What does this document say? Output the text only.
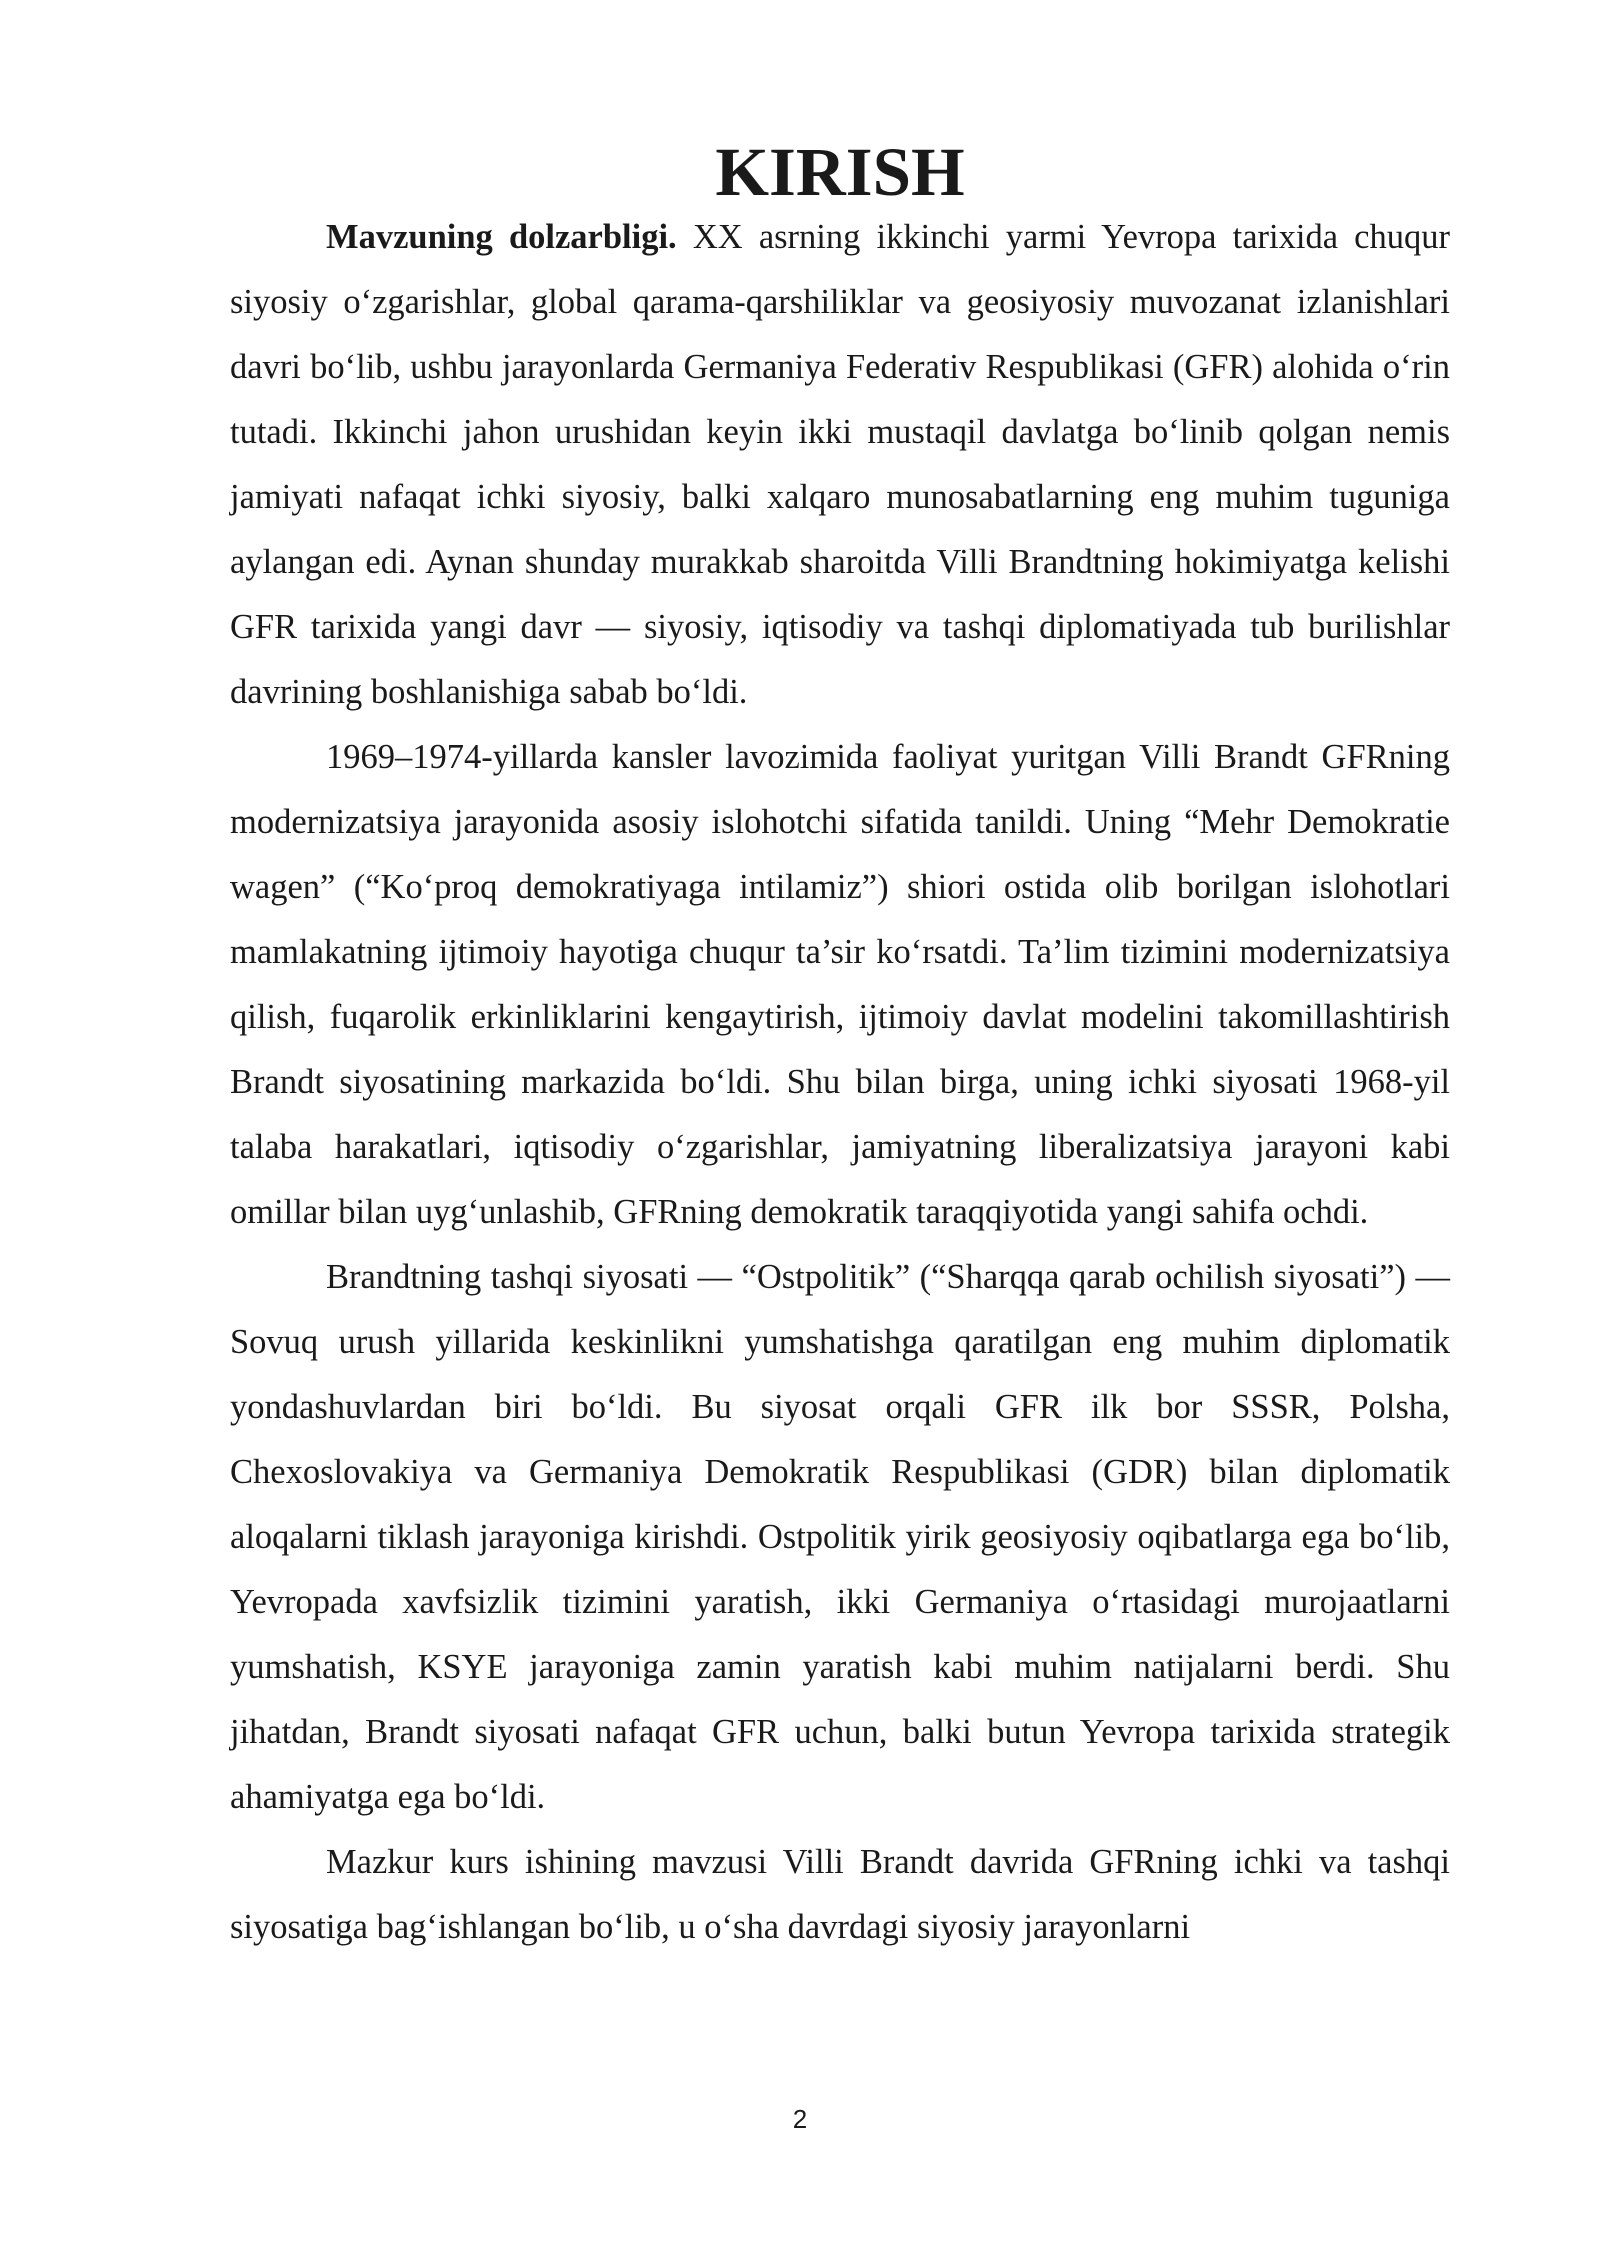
KIRISH

Mavzuning dolzarbligi. XX asrning ikkinchi yarmi Yevropa tarixida chuqur siyosiy o‘zgarishlar, global qarama-qarshiliklar va geosiyosiy muvozanat izlanishlari davri bo‘lib, ushbu jarayonlarda Germaniya Federativ Respublikasi (GFR) alohida o‘rin tutadi. Ikkinchi jahon urushidan keyin ikki mustaqil davlatga bo‘linib qolgan nemis jamiyati nafaqat ichki siyosiy, balki xalqaro munosabatlarning eng muhim tuguniga aylangan edi. Aynan shunday murakkab sharoitda Villi Brandtning hokimiyatga kelishi GFR tarixida yangi davr — siyosiy, iqtisodiy va tashqi diplomatiyada tub burilishlar davrining boshlanishiga sabab bo‘ldi.

1969–1974-yillarda kansler lavozimida faoliyat yuritgan Villi Brandt GFRning modernizatsiya jarayonida asosiy islohotchi sifatida tanildi. Uning “Mehr Demokratie wagen” (“Ko‘proq demokratiyaga intilamiz”) shiori ostida olib borilgan islohotlari mamlakatning ijtimoiy hayotiga chuqur ta’sir ko‘rsatdi. Ta’lim tizimini modernizatsiya qilish, fuqarolik erkinliklarini kengaytirish, ijtimoiy davlat modelini takomillashtirish Brandt siyosatining markazida bo‘ldi. Shu bilan birga, uning ichki siyosati 1968-yil talaba harakatlari, iqtisodiy o‘zgarishlar, jamiyatning liberalizatsiya jarayoni kabi omillar bilan uyg‘unlashib, GFRning demokratik taraqqiyotida yangi sahifa ochdi.

Brandtning tashqi siyosati — “Ostpolitik” (“Sharqqa qarab ochilish siyosati”) — Sovuq urush yillarida keskinlikni yumshatishga qaratilgan eng muhim diplomatik yondashuvlardan biri bo‘ldi. Bu siyosat orqali GFR ilk bor SSSR, Polsha, Chexoslovakiya va Germaniya Demokratik Respublikasi (GDR) bilan diplomatik aloqalarni tiklash jarayoniga kirishdi. Ostpolitik yirik geosiyosiy oqibatlarga ega bo‘lib, Yevropada xavfsizlik tizimini yaratish, ikki Germaniya o‘rtasidagi murojaatlarni yumshatish, KSYE jarayoniga zamin yaratish kabi muhim natijalarni berdi. Shu jihatdan, Brandt siyosati nafaqat GFR uchun, balki butun Yevropa tarixida strategik ahamiyatga ega bo‘ldi.

Mazkur kurs ishining mavzusi Villi Brandt davrida GFRning ichki va tashqi siyosatiga bag‘ishlangan bo‘lib, u o‘sha davrdagi siyosiy jarayonlarni

2
